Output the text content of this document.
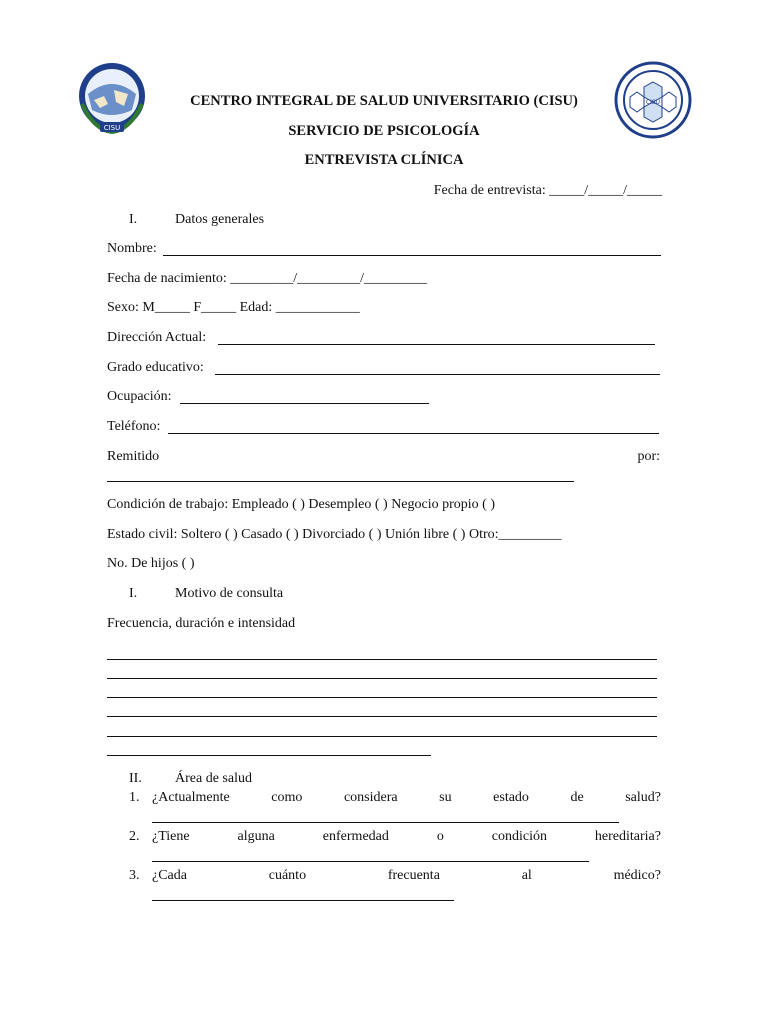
CISU
CISU
CENTRO INTEGRAL DE SALUD UNIVERSITARIO (CISU)
SERVICIO DE PSICOLOGÍA
ENTREVISTA CLÍNICA
Fecha de entrevista: _____/_____/_____
I.	Datos generales
Nombre:
Fecha de nacimiento: _________/_________/_________
Sexo: M_____ F_____ Edad: ____________
Dirección Actual:
Grado educativo:
Ocupación:
Teléfono:
Remitido	por:
Condición de trabajo: Empleado ( ) Desempleo ( ) Negocio propio ( )
Estado civil: Soltero ( ) Casado ( ) Divorciado ( ) Unión libre ( ) Otro:_________
No. De hijos ( )
I.	Motivo de consulta
Frecuencia, duración e intensidad
II. Área de salud
1. ¿Actualmente	como	considera	su	estado	de	salud?
2. ¿Tiene	alguna	enfermedad	o	condición	hereditaria?
3. ¿Cada	cuánto	frecuenta	al	médico?
